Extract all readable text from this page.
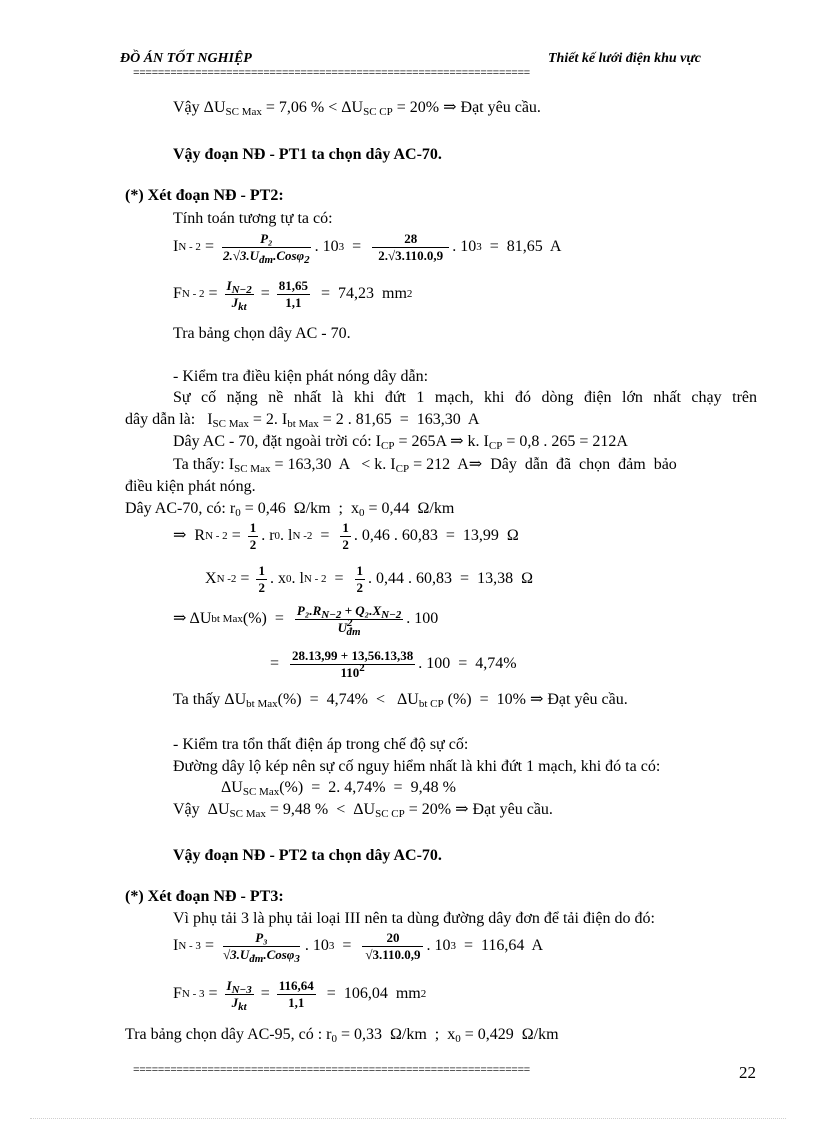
ĐỒ ÁN TỐT NGHIỆP	Thiết kế lưới điện khu vực
================================================================
Vậy $\Delta U_{SC Max} = 7,06$ % < $\Delta U_{SC CP} = 20\%$ ⇒ Đạt yêu cầu.
Vậy đoạn NĐ - PT1 ta chọn dây AC-70.
(*) Xét đoạn NĐ - PT2:
Tính toán tương tự ta có:
I $N - 2 = \frac{\text{P₂}}{2.√3.U_{đm}.Cos\varphi_2}$ . 10 $3 = \frac{28}{2.√3.110.0,9}$ . 10 3 =  81,65  A
F $N - 2 = \frac{I_{N-2}}{J_{kt}} = \frac{81,65}{1,1} = 74,23$  mm 2
Tra bảng chọn dây AC - 70.
- Kiểm tra điều kiện phát nóng dây dẫn:
Sự cố nặng nề nhất là khi đứt 1 mạch, khi đó dòng điện lớn nhất chạy trên
dây dẫn là:   $I_{SC Max} = 2$. $I_{bt Max} = 2$ . 81,65  =  163,30  A
Dây AC - 70, đặt ngoài trời có: $I_{CP} = 265A$ ⇒ k. $I_{CP} = 0,8$ . 265 = 212A
Ta thấy: $I_{SC Max} = 163,30$  A   < k. $I_{CP} = 212$  A⇒  Dây  dẫn  đã  chọn  đảm  bảo
điều kiện phát nóng.
Dây AC-70, có: $r_0 = 0,46$  Ω/km  ;  $x_0 = 0,44$  Ω/km
⇒  R $N - 2 = \frac{1}{2}$ . r 0 . l N $-2 = \frac{1}{2}$ . 0,46 . 60,83  =  13,99  Ω
X N $-2 = \frac{1}{2}$ . x 0 . l $N - 2 = \frac{1}{2}$ . 0,44 . 60,83  =  13,38  Ω
⇒ ΔU bt Max (%)  = $\frac{P_2.R_{N-2} + Q_2.X_{N-2}}{U^2_{đm}}$ . 100
= $\frac{28.13,99 + 13,56.13,38}{110^2}$ . 100  =  4,74%
Ta thấy $\Delta U_{bt Max}(\%) = 4,74\% < \Delta U_{bt CP}$ (%)  =  10% ⇒ Đạt yêu cầu.
- Kiểm tra tổn thất điện áp trong chế độ sự cố:
Đường dây lộ kép nên sự cố nguy hiểm nhất là khi đứt 1 mạch, khi đó ta có:
$\Delta U_{SC Max}(\%) = 2$. 4,74%  =  9,48 %
Vậy  $\Delta U_{SC Max} = 9,48$ %  <  $\Delta U_{SC CP} = 20\%$ ⇒ Đạt yêu cầu.
Vậy đoạn NĐ - PT2 ta chọn dây AC-70.
(*) Xét đoạn NĐ - PT3:
Vì phụ tải 3 là phụ tải loại III nên ta dùng đường dây đơn để tải điện do đó:
I $N - 3 = \frac{\text{P₃}}{√3.U_{đm}.Cos\varphi_3}$ . 10 $3 = \frac{20}{√3.110.0,9}$ . 10 3 =  116,64  A
F $N - 3 = \frac{I_{N-3}}{J_{kt}} = \frac{116,64}{1,1} = 106,04$  mm 2
Tra bảng chọn dây AC-95, có : $r_0 = 0,33$  Ω/km  ;  $x_0 = 0,429$  Ω/km
================================================================	22
